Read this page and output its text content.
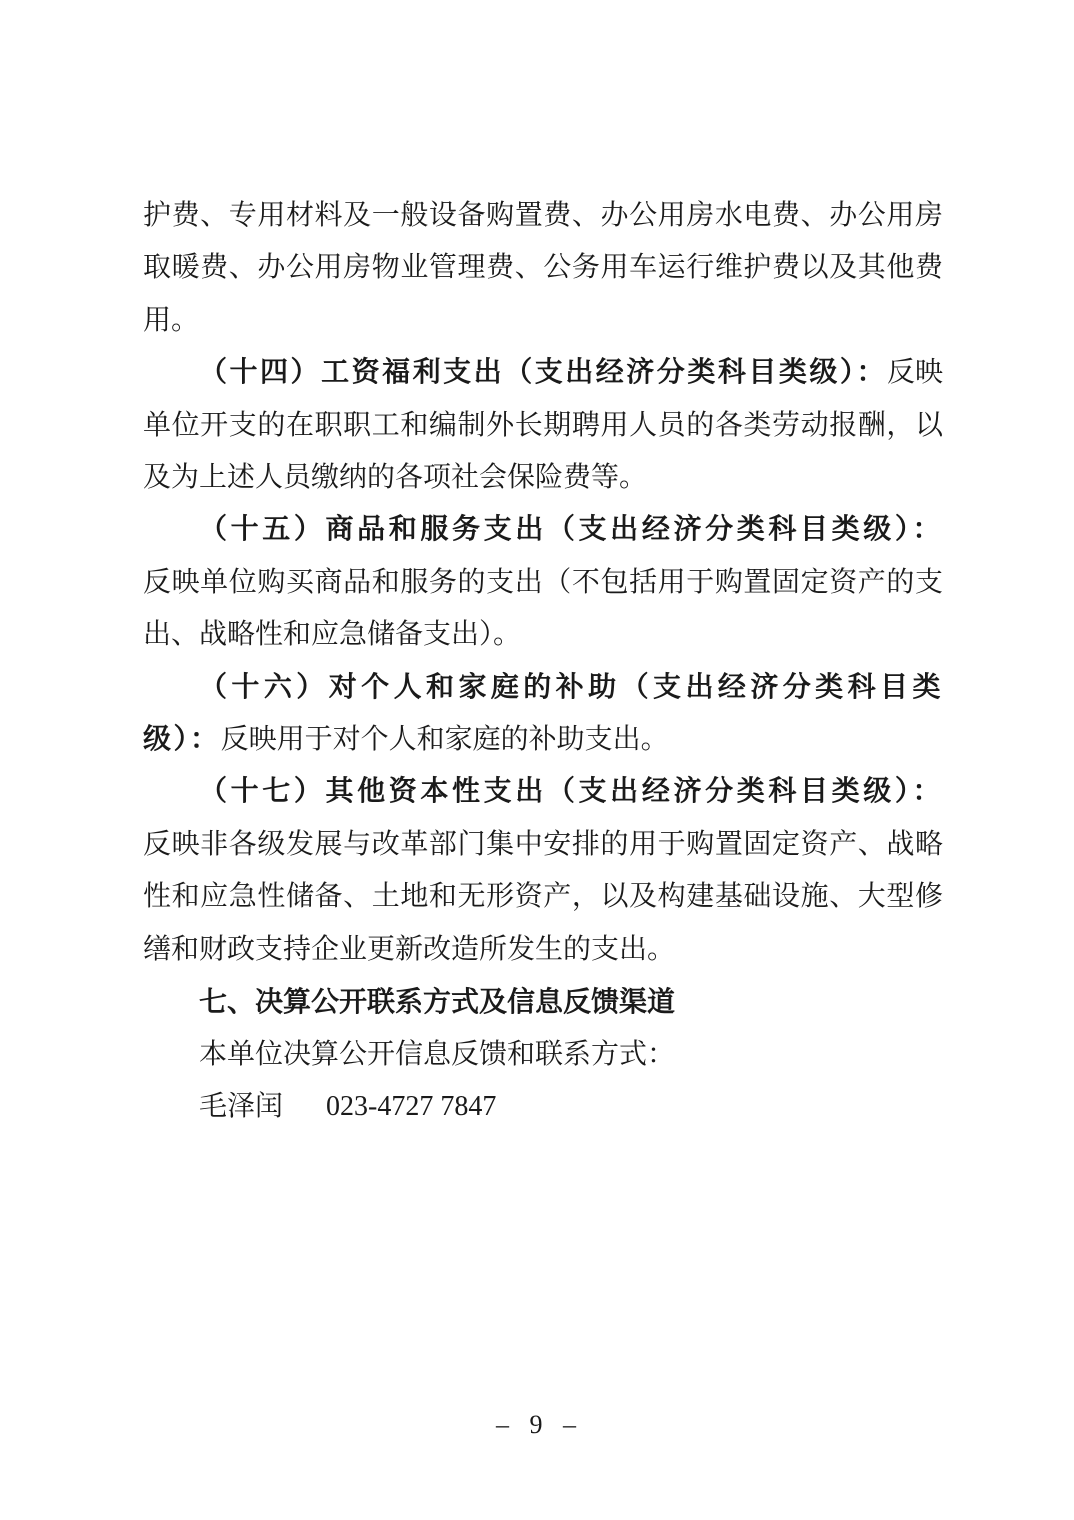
护费、专用材料及一般设备购置费、办公用房水电费、办公用房取暖费、办公用房物业管理费、公务用车运行维护费以及其他费用。

（十四）工资福利支出（支出经济分类科目类级）：反映单位开支的在职职工和编制外长期聘用人员的各类劳动报酬，以及为上述人员缴纳的各项社会保险费等。

（十五）商品和服务支出（支出经济分类科目类级）：反映单位购买商品和服务的支出（不包括用于购置固定资产的支出、战略性和应急储备支出）。

（十六）对个人和家庭的补助（支出经济分类科目类级）：反映用于对个人和家庭的补助支出。

（十七）其他资本性支出（支出经济分类科目类级）：反映非各级发展与改革部门集中安排的用于购置固定资产、战略性和应急性储备、土地和无形资产，以及构建基础设施、大型修缮和财政支持企业更新改造所发生的支出。

七、决算公开联系方式及信息反馈渠道

本单位决算公开信息反馈和联系方式：

毛泽闰 023-4727 7847

– 9 –
